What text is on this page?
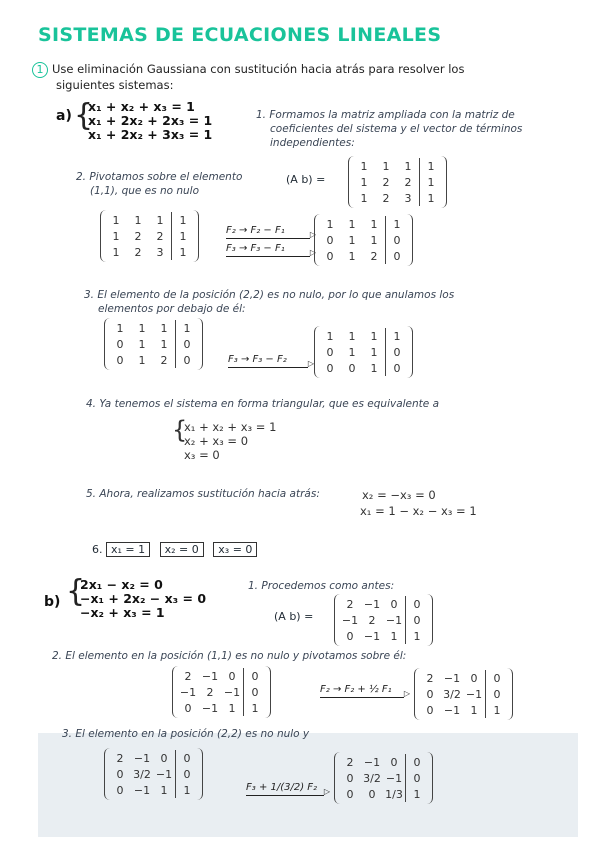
SISTEMAS DE ECUACIONES LINEALES
1 Use eliminación Gaussiana con sustitución hacia atrás para resolver los
siguientes sistemas:
a) {
x₁ + x₂ + x₃ = 1
x₁ + 2x₂ + 2x₃ = 1
x₁ + 2x₂ + 3x₃ = 1
1. Formamos la matriz ampliada con la matriz de
coeficientes del sistema y el vector de términos
independientes:
2. Pivotamos sobre el elemento
(1,1), que es no nulo
(A b) =
1	1	1	1
1	2	2	1
1	2	3	1
1	1	1	1
1	2	2	1
1	2	3	1
F₂ → F₂ − F₁
▷
F₃ → F₃ − F₁
▷
1	1	1	1
0	1	1	0
0	1	2	0
3. El elemento de la posición (2,2) es no nulo, por lo que anulamos los
elementos por debajo de él:
1	1	1	1
0	1	1	0
0	1	2	0	F₃ → F₃ − F₂
▷
1	1	1	1
0	1	1	0
0	0	1	0
4. Ya tenemos el sistema en forma triangular, que es equivalente a
{
x₁ + x₂ + x₃ = 1
x₂ + x₃ = 0
x₃ = 0
5. Ahora, realizamos sustitución hacia atrás:	x₂ = −x₃ = 0
x₁ = 1 − x₂ − x₃ = 1
6. x₁ = 1 x₂ = 0 x₃ = 0
b) {
2x₁ − x₂ = 0
−x₁ + 2x₂ − x₃ = 0
−x₂ + x₃ = 1
1. Procedemos como antes:
(A b) =
2	−1	0	0
−1	2	−1	0
0	−1	1	1
2. El elemento en la posición (1,1) es no nulo y pivotamos sobre él:
2	−1	0	0
−1	2	−1	0
0	−1	1	1
F₂ → F₂ + ½ F₁
▷
2	−1	0	0
0	3/2	−1	0
0	−1	1	1
3. El elemento en la posición (2,2) es no nulo y
2	−1	0	0
0	3/2	−1	0
0	−1	1	1	F₃ + 1/(3/2) F₂
▷
2	−1	0	0
0	3/2	−1	0
0	0	1/3	1
